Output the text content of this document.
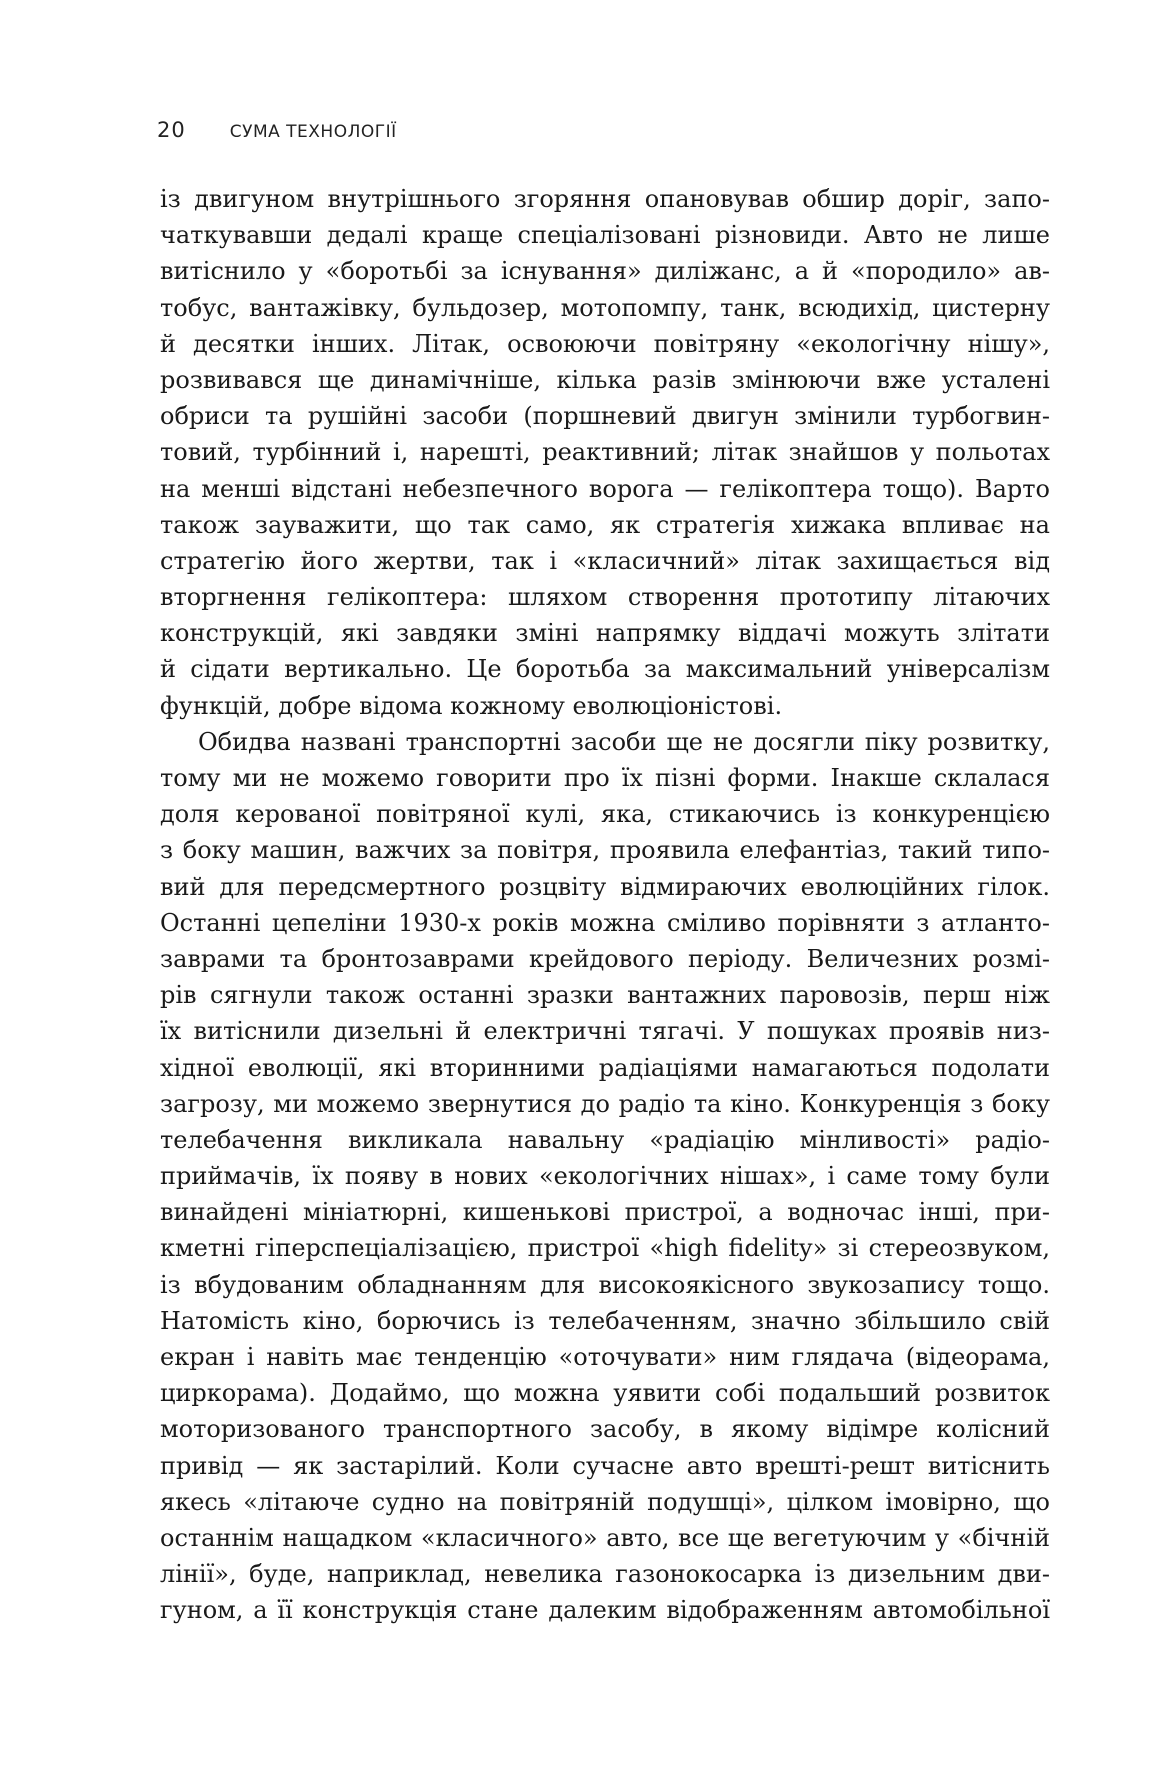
20	СУМА ТЕХНОЛОГІЇ
із двигуном внутрішнього згоряння опановував обшир доріг, запо-
чаткувавши дедалі краще спеціалізовані різновиди. Авто не лише
витіснило у «боротьбі за існування» диліжанс, а й «породило» ав-
тобус, вантажівку, бульдозер, мотопомпу, танк, всюдихід, цистерну
й десятки інших. Літак, освоюючи повітряну «екологічну нішу»,
розвивався ще динамічніше, кілька разів змінюючи вже усталені
обриси та рушійні засоби (поршневий двигун змінили турбогвин-
товий, турбінний і, нарешті, реактивний; літак знайшов у польотах
на менші відстані небезпечного ворога — гелікоптера тощо). Варто
також зауважити, що так само, як стратегія хижака впливає на
стратегію його жертви, так і «класичний» літак захищається від
вторгнення гелікоптера: шляхом створення прототипу літаючих
конструкцій, які завдяки зміні напрямку віддачі можуть злітати
й сідати вертикально. Це боротьба за максимальний універсалізм
функцій, добре відома кожному еволюціоністові.
Обидва названі транспортні засоби ще не досягли піку розвитку,
тому ми не можемо говорити про їх пізні форми. Інакше склалася
доля керованої повітряної кулі, яка, стикаючись із конкуренцією
з боку машин, важчих за повітря, проявила елефантіаз, такий типо-
вий для передсмертного розцвіту відмираючих еволюційних гілок.
Останні цепеліни 1930-х років можна сміливо порівняти з атланто-
заврами та бронтозаврами крейдового періоду. Величезних розмі-
рів сягнули також останні зразки вантажних паровозів, перш ніж
їх витіснили дизельні й електричні тягачі. У пошуках проявів низ-
хідної еволюції, які вторинними радіаціями намагаються подолати
загрозу, ми можемо звернутися до радіо та кіно. Конкуренція з боку
телебачення викликала навальну «радіацію мінливості» радіо-
приймачів, їх появу в нових «екологічних нішах», і саме тому були
винайдені мініатюрні, кишенькові пристрої, а водночас інші, при-
кметні гіперспеціалізацією, пристрої «high fidelity» зі стереозвуком,
із вбудованим обладнанням для високоякісного звукозапису тощо.
Натомість кіно, борючись із телебаченням, значно збільшило свій
екран і навіть має тенденцію «оточувати» ним глядача (відеорама,
циркорама). Додаймо, що можна уявити собі подальший розвиток
моторизованого транспортного засобу, в якому відімре колісний
привід — як застарілий. Коли сучасне авто врешті-решт витіснить
якесь «літаюче судно на повітряній подушці», цілком імовірно, що
останнім нащадком «класичного» авто, все ще вегетуючим у «бічній
лінії», буде, наприклад, невелика газонокосарка із дизельним дви-
гуном, а її конструкція стане далеким відображенням автомобільної
